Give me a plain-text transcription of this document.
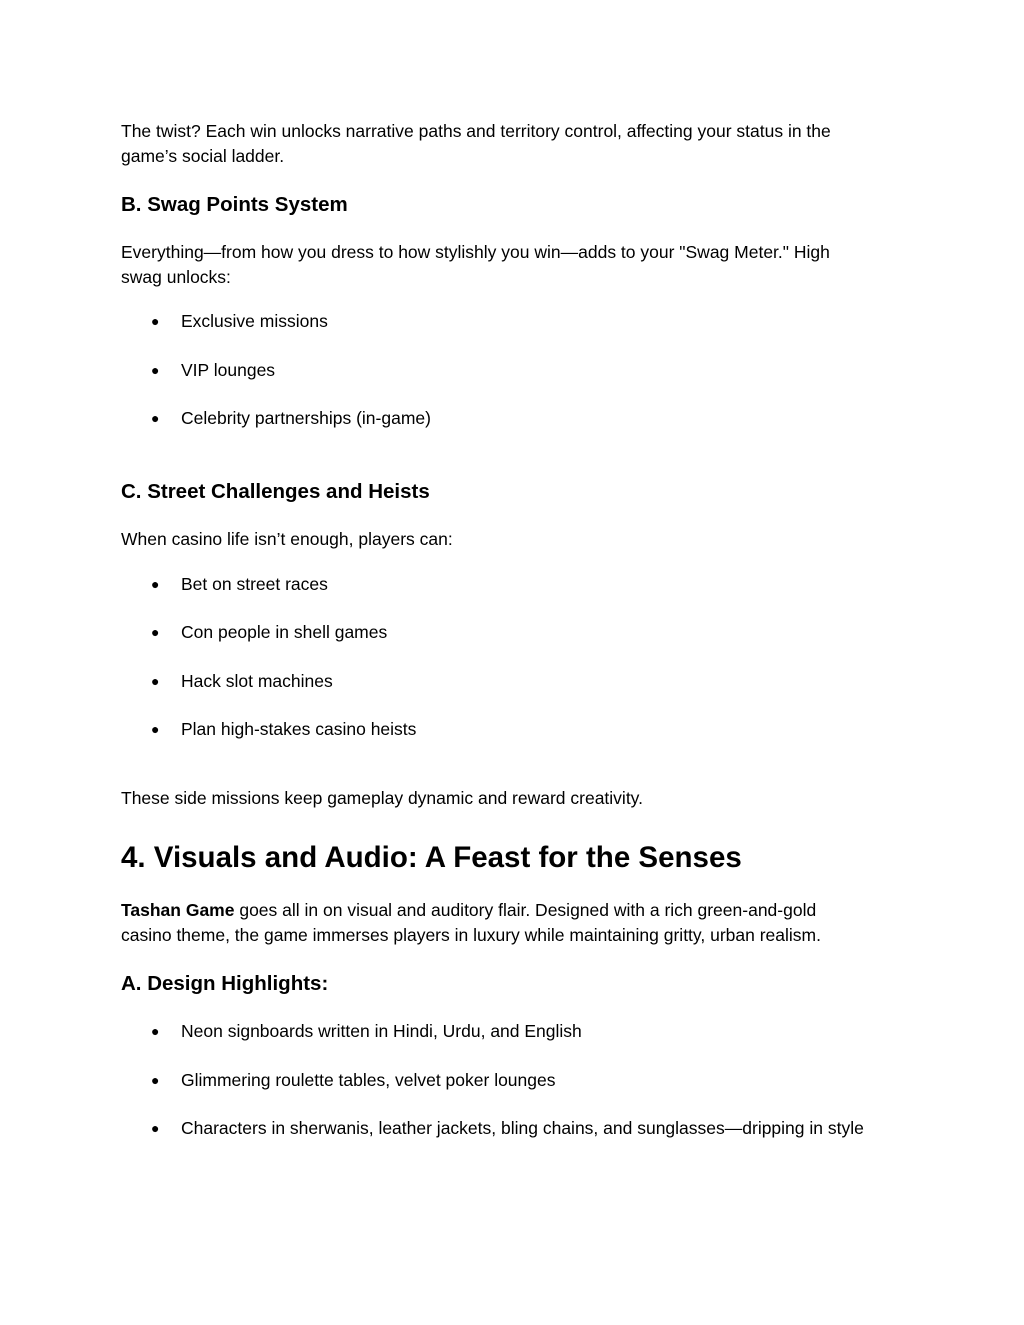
The twist? Each win unlocks narrative paths and territory control, affecting your status in the
game’s social ladder.
B. Swag Points System
Everything—from how you dress to how stylishly you win—adds to your "Swag Meter." High
swag unlocks:
● Exclusive missions
● VIP lounges
● Celebrity partnerships (in-game)
C. Street Challenges and Heists
When casino life isn’t enough, players can:
● Bet on street races
● Con people in shell games
● Hack slot machines
● Plan high-stakes casino heists
These side missions keep gameplay dynamic and reward creativity.
4. Visuals and Audio: A Feast for the Senses
Tashan Game goes all in on visual and auditory flair. Designed with a rich green-and-gold
casino theme, the game immerses players in luxury while maintaining gritty, urban realism.
A. Design Highlights:
● Neon signboards written in Hindi, Urdu, and English
● Glimmering roulette tables, velvet poker lounges
● Characters in sherwanis, leather jackets, bling chains, and sunglasses—dripping in style
